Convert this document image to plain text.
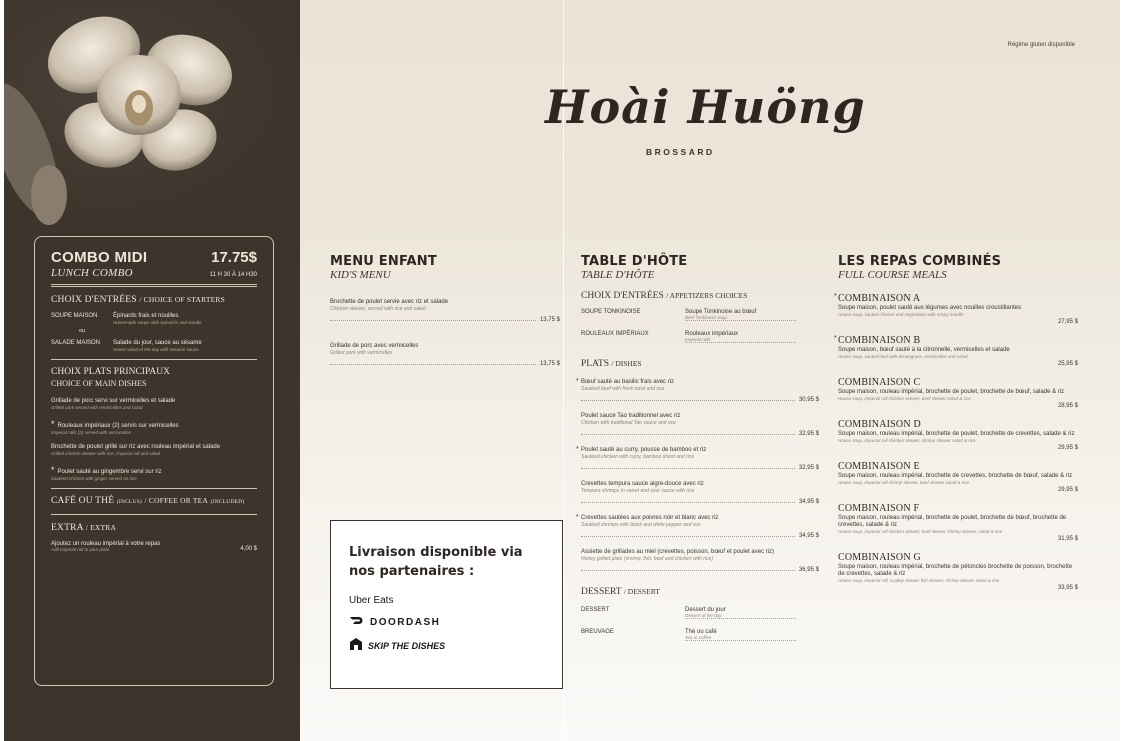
COMBO MIDI	17.75$
LUNCH COMBO	11 H 30 À 14 H30
CHOIX D'ENTRÉES / CHOICE OF STARTERS
SOUPE MAISON	Épinards frais et nouilles
Homemade soupe with spinachs and noodle
ou
SALADE MAISON	Salade du jour, sauce au sésame
House salad of the day with sesame sauce
CHOIX PLATS PRINCIPAUX
CHOICE OF MAIN DISHES
Grillade de porc servi sur vermicelles et salade
Grilled pork served with vermicelles and salad
* Rouleaux impériaux (2) servis sur vermicelles
Imperial rolls (2) served with vermicelles
Brochette de poulet grillé sur riz avec rouleau impérial et salade
Grilled chicken skewer with rice, imperial roll and salad
* Poulet sauté au gingembre servi sur riz
Sautéed chicken with ginger served on rice
CAFÉ OU THÉ (INCLUS) / COFFEE OR TEA (INCLUDED)
EXTRA / EXTRA
Ajoutez un rouleau impérial à votre repas
Add imperial roll to your plate	4,00 $
Régime gluten disponible
Hoài Huöng
BROSSARD
MENU ENFANT
KID'S MENU
Brochette de poulet servie avec riz et salade
Chicken skewer, served with rice and salad
13,75 $
Grillade de porc avec vermicelles
Grilled pork with vermicelles
13,75 $
Livraison disponible via nos partenaires :
Uber Eats
DOORDASH
SKIP THE DISHES
TABLE D'HÔTE
TABLE D'HÔTE
CHOIX D'ENTRÉES / APPETIZERS CHOICES
SOUPE TONKINOISE	Soupe Tonkinoise au bœuf
Beef Tonkinese soup
ROULEAUX IMPÉRIAUX	Rouleaux impériaux
Imperial rolls
PLATS / DISHES
* Bœuf sauté au basilic frais avec riz
Sautéed beef with fresh basil and rice
30,95 $
Poulet sauce Tao traditionnel avec riz
Chicken with traditional Tao sauce and rice
32,95 $
* Poulet sauté au curry, pousse de bamboo et riz
Sautéed chicken with curry, bamboo shoot and rice
32,95 $
Crevettes tempura sauce aigre-douce avec riz
Tempura shrimps in sweet and sour sauce with rice
34,95 $
* Crevettes sautées aux poivres noir et blanc avec riz
Sautéed shrimps with black and white pepper and rice
34,95 $
Assiette de grillades au miel (crevettes, poisson, bœuf et poulet avec riz)
Honey grilled plate (shrimp, fish, beef and chicken with rice)
36,95 $
DESSERT / DESSERT
DESSERT	Dessert du jour
Dessert of the day
BREUVAGE	Thé ou café
Tea or coffee
LES REPAS COMBINÉS
FULL COURSE MEALS
* COMBINAISON A
Soupe maison, poulet sauté aux légumes avec nouilles croustillantes
House soup, sauted chicken and vegetables with crispy noodle
27,95 $
* COMBINAISON B
Soupe maison, bœuf sauté à la citronnelle, vermicelles et salade
House soup, sauted beef with lemongrass, vermicelles and salad
25,95 $
COMBINAISON C
Soupe maison, rouleau impérial, brochette de poulet, brochette de bœuf, salade & riz
House soup, imperial roll chicken skewer, beef skewer salad & rice
28,95 $
COMBINAISON D
Soupe maison, rouleau impérial, brochette de poulet, brochette de crevettes, salade & riz
House soup, imperial roll chicken skewer, shrimp skewer salad & rice
29,95 $
COMBINAISON E
Soupe maison, rouleau impérial, brochette de crevettes, brochette de bœuf, salade & riz
House soup, imperial roll shrimp skewer, beef skewer salad & rice
29,95 $
COMBINAISON F
Soupe maison, rouleau impérial, brochette de poulet, brochette de bœuf, brochette de crevettes, salade & riz
House soup, imperial roll chicken skewer, beef skewer shrimp skewer, salad & rice
31,95 $
COMBINAISON G
Soupe maison, rouleau impérial, brochette de pétoncles brochette de poisson, brochette de crevettes, salade & riz
House soup, imperial roll, scallop skewer fish skewer, shrimp skewer salad & rice
33,95 $
